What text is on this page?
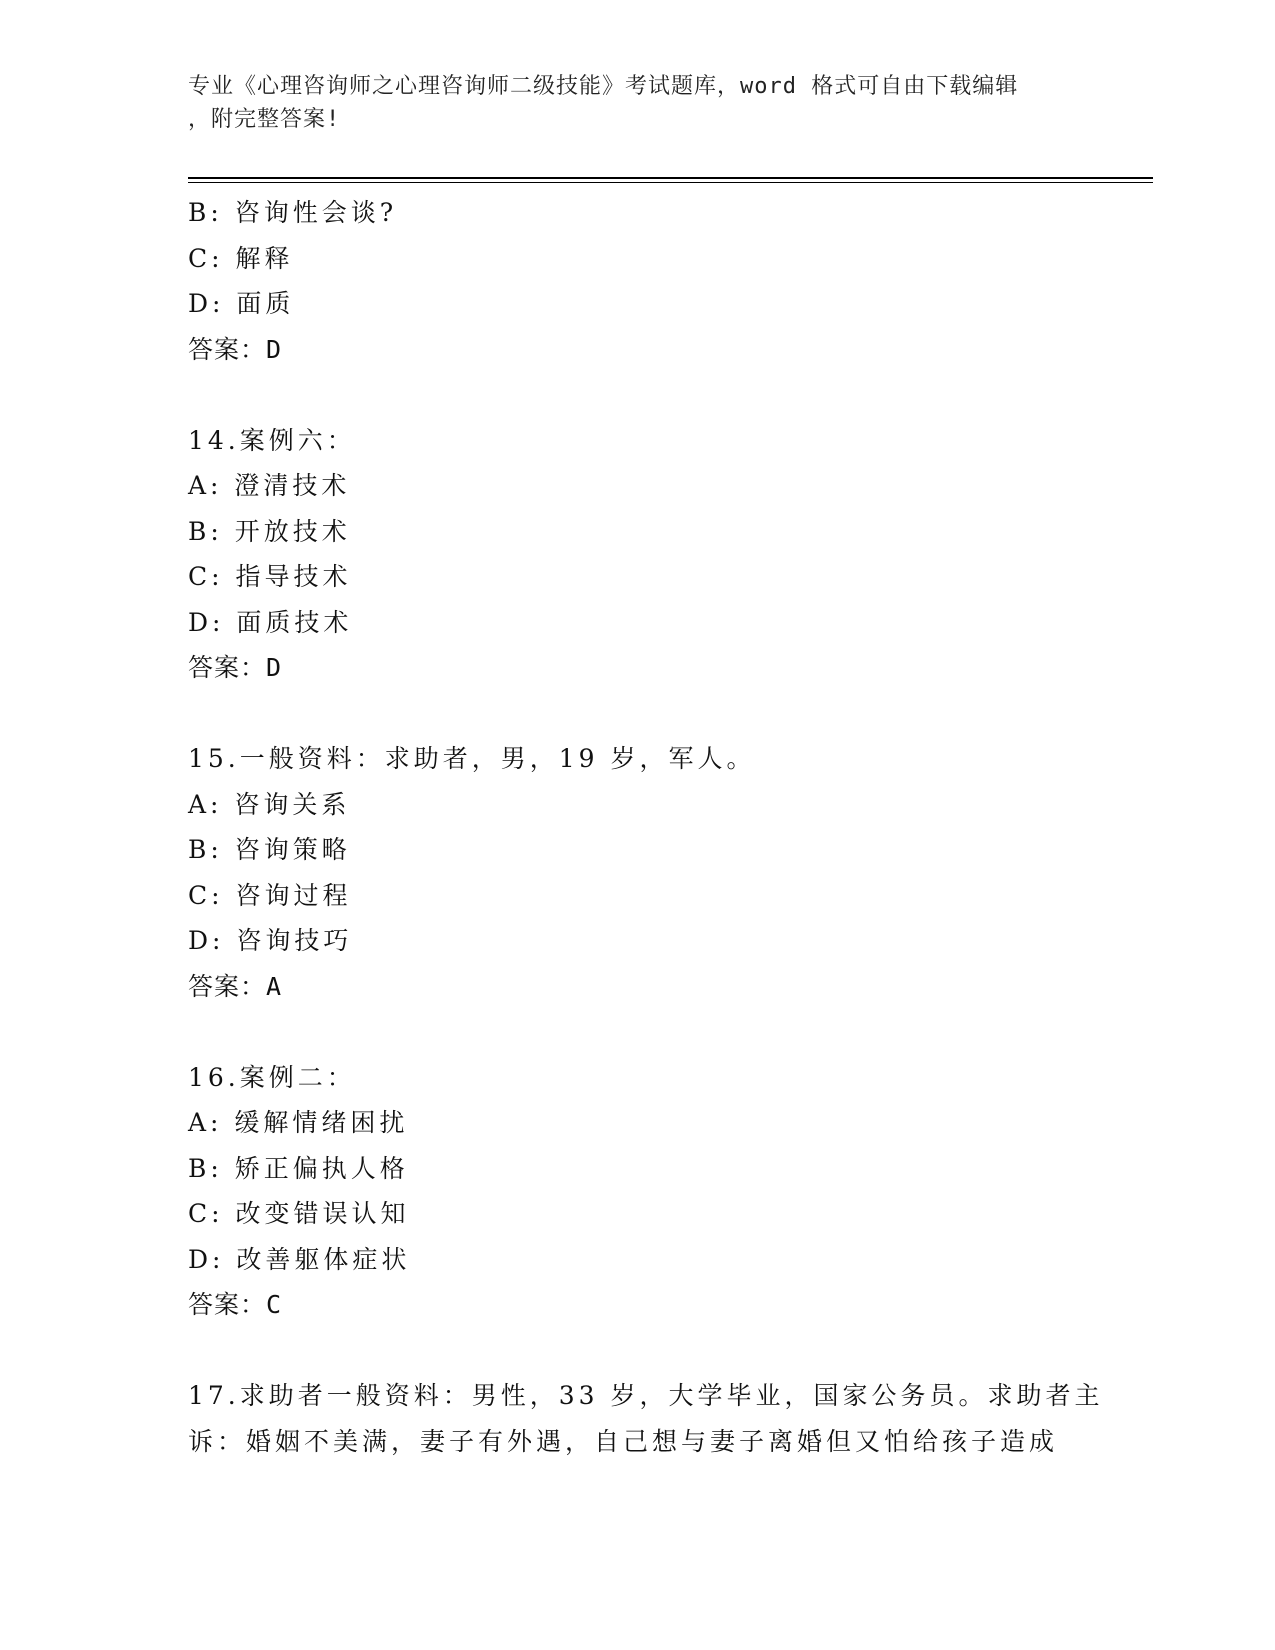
专业《心理咨询师之心理咨询师二级技能》考试题库，word 格式可自由下载编辑
，附完整答案!
B: 咨询性会谈?
C: 解释
D: 面质
答案：D
14.案例六：
A: 澄清技术
B: 开放技术
C: 指导技术
D: 面质技术
答案：D
15.一般资料：求助者，男，19 岁，军人。
A: 咨询关系
B: 咨询策略
C: 咨询过程
D: 咨询技巧
答案：A
16.案例二：
A: 缓解情绪困扰
B: 矫正偏执人格
C: 改变错误认知
D: 改善躯体症状
答案：C
17.求助者一般资料：男性，33 岁，大学毕业，国家公务员。求助者主
诉：婚姻不美满，妻子有外遇，自己想与妻子离婚但又怕给孩子造成
